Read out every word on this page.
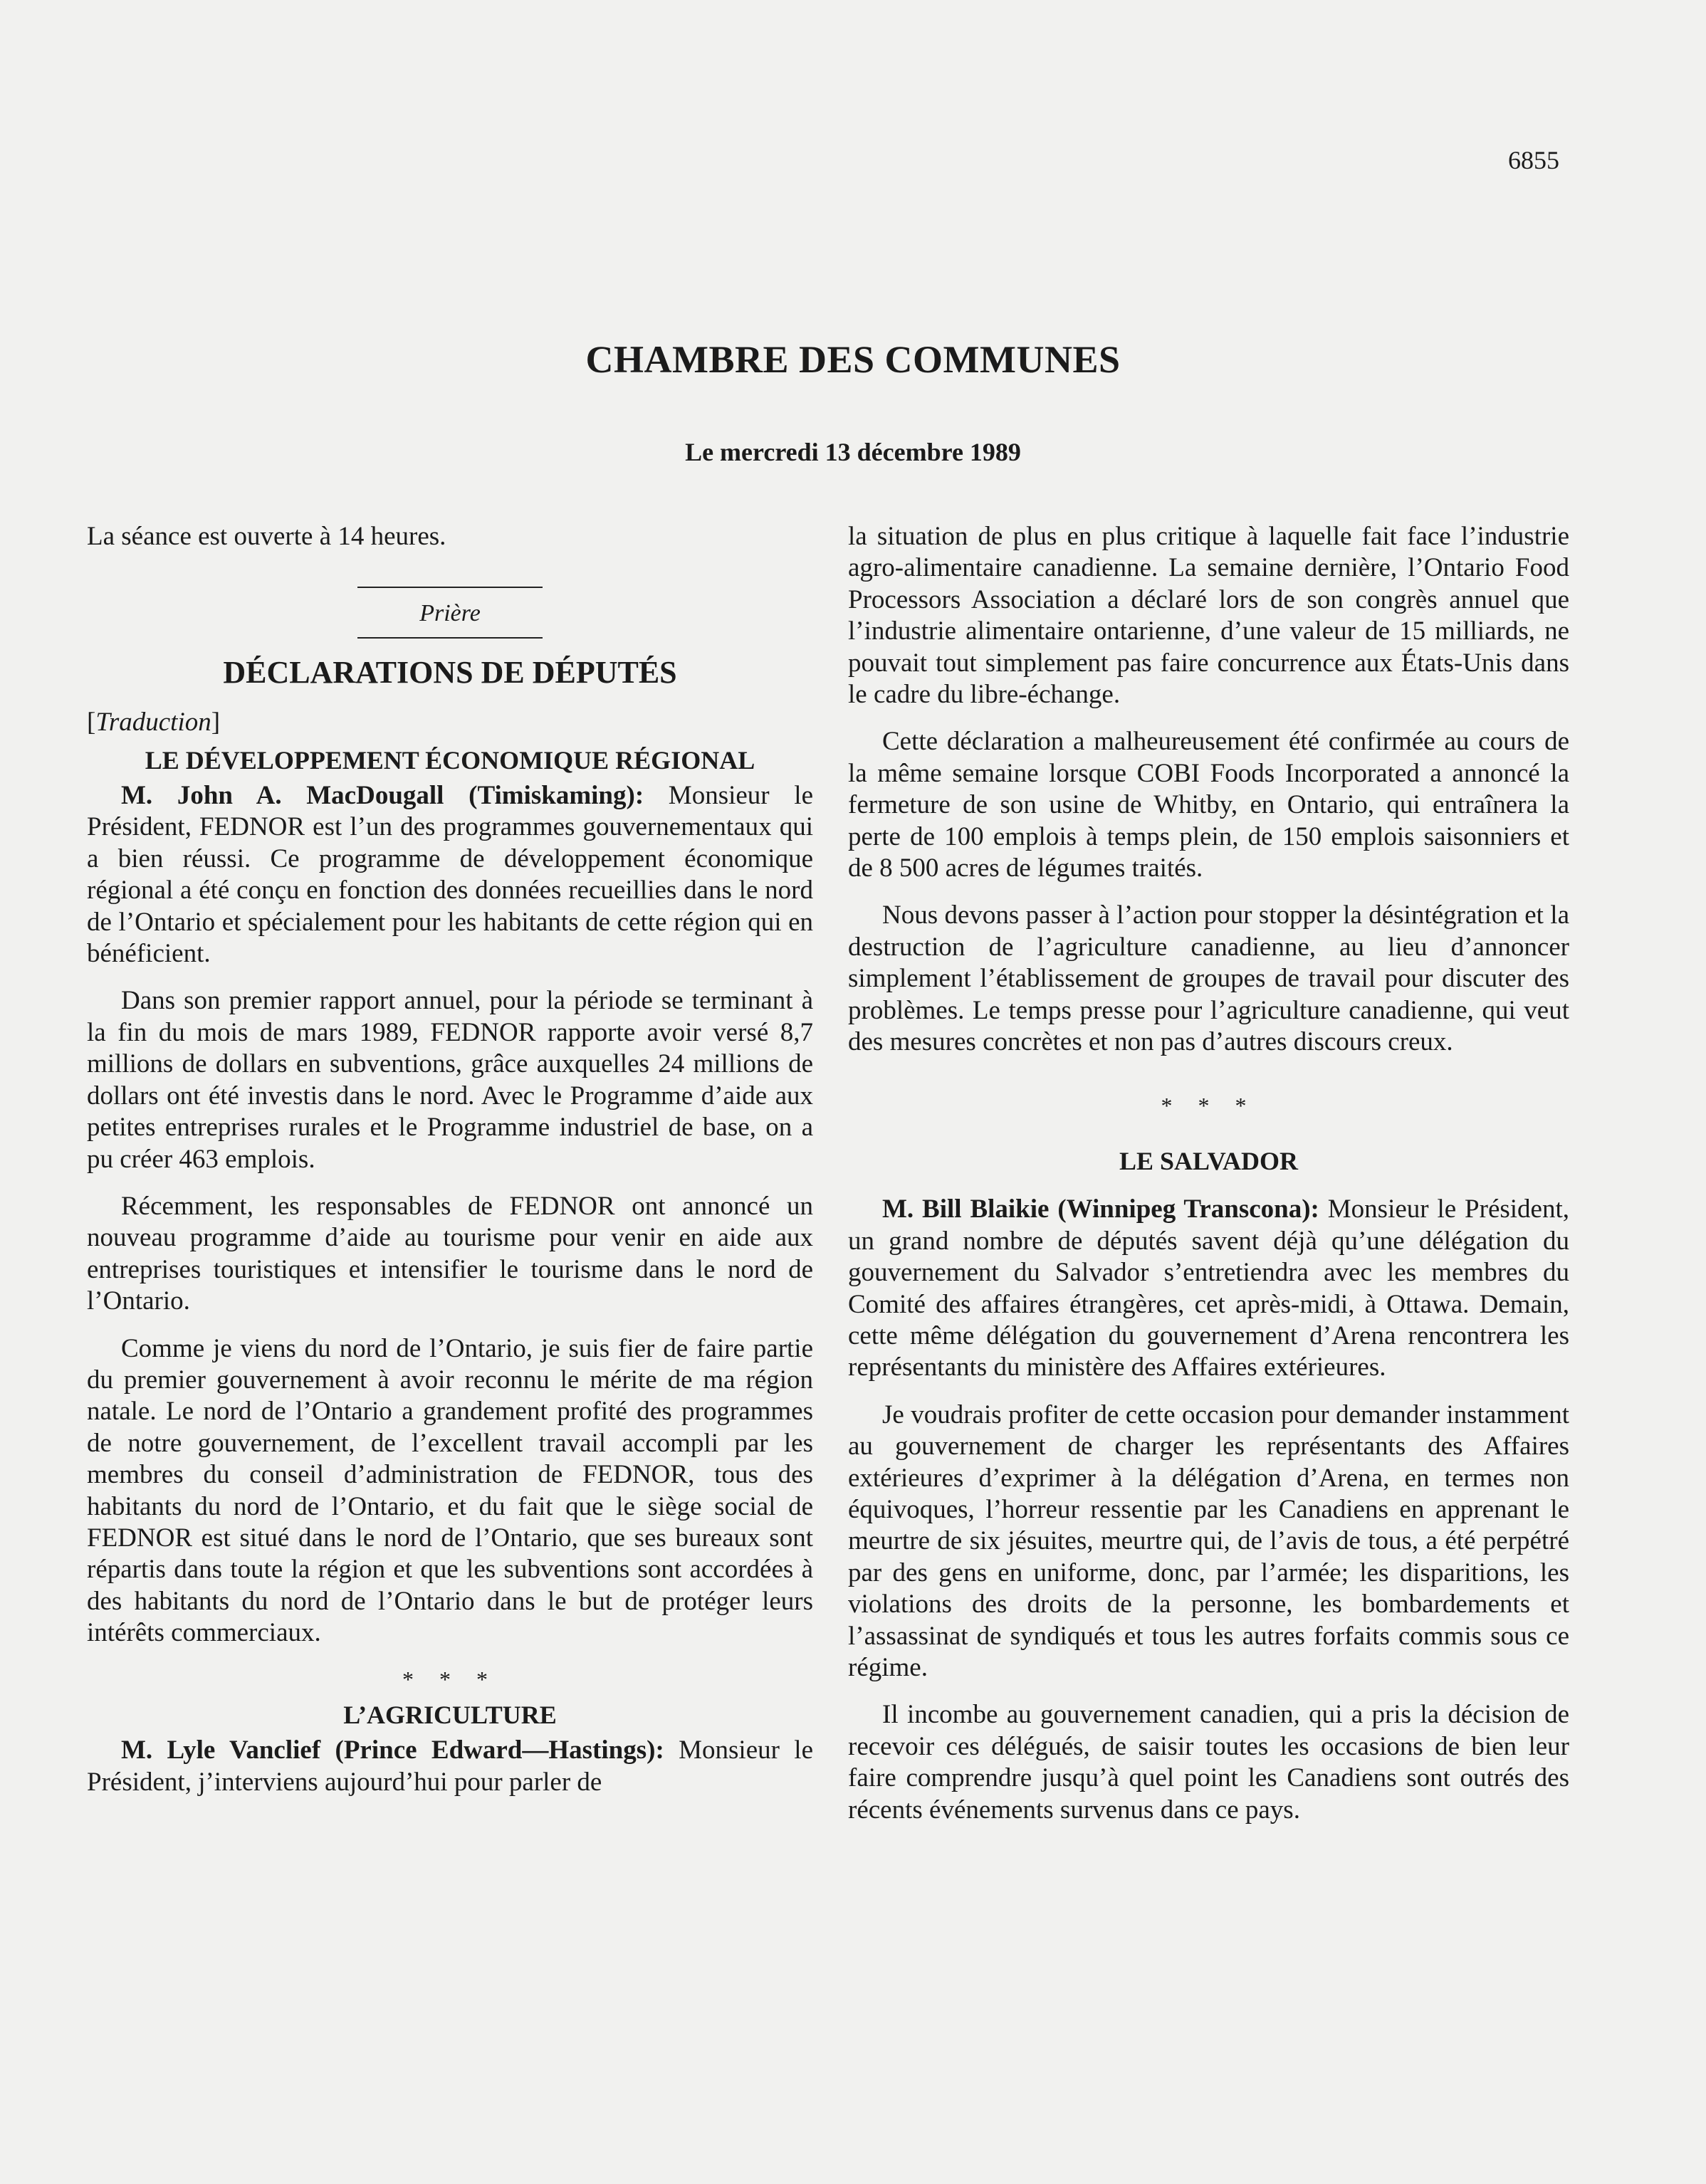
6855
CHAMBRE DES COMMUNES
Le mercredi 13 décembre 1989

La séance est ouverte à 14 heures.

Prière
DÉCLARATIONS DE DÉPUTÉS
[Traduction]
LE DÉVELOPPEMENT ÉCONOMIQUE RÉGIONAL

M. John A. MacDougall (Timiskaming): Monsieur le Président, FEDNOR est l’un des programmes gouvernementaux qui a bien réussi. Ce programme de développement économique régional a été conçu en fonction des données recueillies dans le nord de l’Ontario et spécialement pour les habitants de cette région qui en bénéficient.

Dans son premier rapport annuel, pour la période se terminant à la fin du mois de mars 1989, FEDNOR rapporte avoir versé 8,7 millions de dollars en subventions, grâce auxquelles 24 millions de dollars ont été investis dans le nord. Avec le Programme d’aide aux petites entreprises rurales et le Programme industriel de base, on a pu créer 463 emplois.

Récemment, les responsables de FEDNOR ont annoncé un nouveau programme d’aide au tourisme pour venir en aide aux entreprises touristiques et intensifier le tourisme dans le nord de l’Ontario.

Comme je viens du nord de l’Ontario, je suis fier de faire partie du premier gouvernement à avoir reconnu le mérite de ma région natale. Le nord de l’Ontario a grandement profité des programmes de notre gouvernement, de l’excellent travail accompli par les membres du conseil d’administration de FEDNOR, tous des habitants du nord de l’Ontario, et du fait que le siège social de FEDNOR est situé dans le nord de l’Ontario, que ses bureaux sont répartis dans toute la région et que les subventions sont accordées à des habitants du nord de l’Ontario dans le but de protéger leurs intérêts commerciaux.

* * *
L’AGRICULTURE

M. Lyle Vanclief (Prince Edward—Hastings): Monsieur le Président, j’interviens aujourd’hui pour parler de

la situation de plus en plus critique à laquelle fait face l’industrie agro-alimentaire canadienne. La semaine dernière, l’Ontario Food Processors Association a déclaré lors de son congrès annuel que l’industrie alimentaire ontarienne, d’une valeur de 15 milliards, ne pouvait tout simplement pas faire concurrence aux États-Unis dans le cadre du libre-échange.

Cette déclaration a malheureusement été confirmée au cours de la même semaine lorsque COBI Foods Incorporated a annoncé la fermeture de son usine de Whitby, en Ontario, qui entraînera la perte de 100 emplois à temps plein, de 150 emplois saisonniers et de 8 500 acres de légumes traités.

Nous devons passer à l’action pour stopper la désintégration et la destruction de l’agriculture canadienne, au lieu d’annoncer simplement l’établissement de groupes de travail pour discuter des problèmes. Le temps presse pour l’agriculture canadienne, qui veut des mesures concrètes et non pas d’autres discours creux.

* * *
LE SALVADOR

M. Bill Blaikie (Winnipeg Transcona): Monsieur le Président, un grand nombre de députés savent déjà qu’une délégation du gouvernement du Salvador s’entretiendra avec les membres du Comité des affaires étrangères, cet après-midi, à Ottawa. Demain, cette même délégation du gouvernement d’Arena rencontrera les représentants du ministère des Affaires extérieures.

Je voudrais profiter de cette occasion pour demander instamment au gouvernement de charger les représentants des Affaires extérieures d’exprimer à la délégation d’Arena, en termes non équivoques, l’horreur ressentie par les Canadiens en apprenant le meurtre de six jésuites, meurtre qui, de l’avis de tous, a été perpétré par des gens en uniforme, donc, par l’armée; les disparitions, les violations des droits de la personne, les bombardements et l’assassinat de syndiqués et tous les autres forfaits commis sous ce régime.

Il incombe au gouvernement canadien, qui a pris la décision de recevoir ces délégués, de saisir toutes les occasions de bien leur faire comprendre jusqu’à quel point les Canadiens sont outrés des récents événements survenus dans ce pays.
